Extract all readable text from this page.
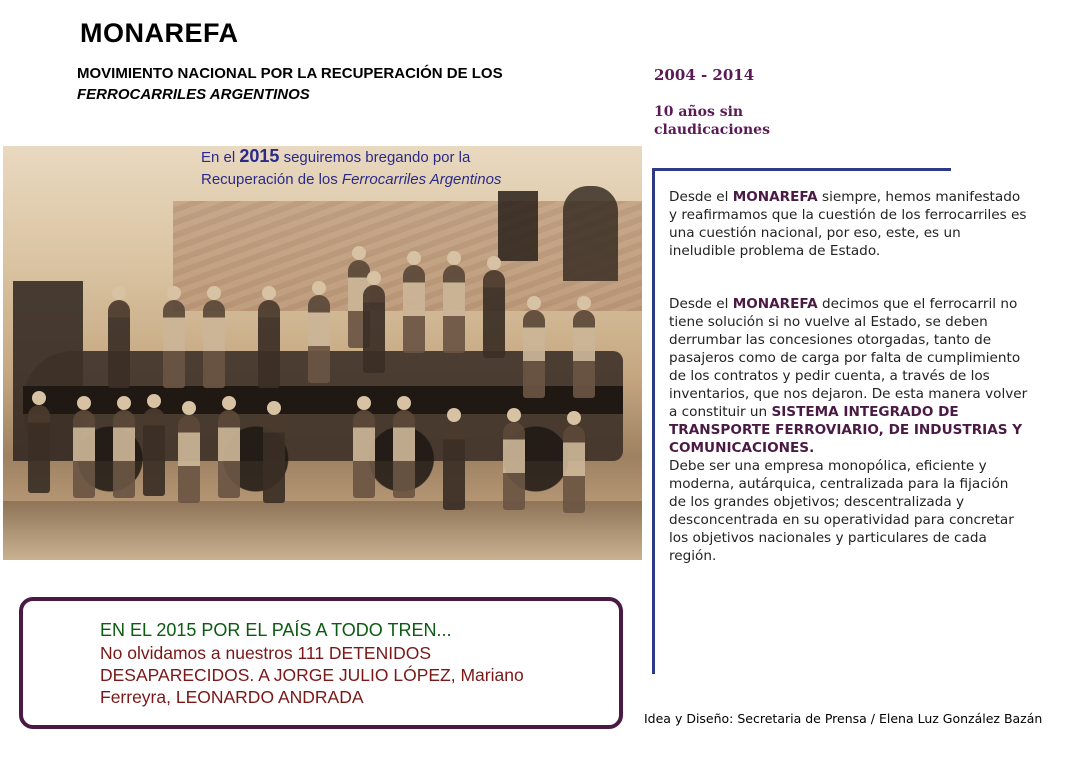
MONAREFA
MOVIMIENTO NACIONAL POR LA RECUPERACIÓN DE LOS
FERROCARRILES ARGENTINOS
2004 - 2014
10 años sin claudicaciones
En el 2015 seguiremos bregando por la Recuperación de los Ferrocarriles Argentinos
Desde el MONAREFA siempre, hemos manifestado y reafirmamos que la cuestión de los ferrocarriles es una cuestión nacional, por eso, este, es un ineludible problema de Estado.
Desde el MONAREFA decimos que el ferrocarril no tiene solución si no vuelve al Estado, se deben derrumbar las concesiones otorgadas, tanto de pasajeros como de carga por falta de cumplimiento de los contratos y pedir cuenta, a través de los inventarios, que nos dejaron. De esta manera volver a constituir un SISTEMA INTEGRADO DE TRANSPORTE FERROVIARIO, DE INDUSTRIAS Y COMUNICACIONES.
Debe ser una empresa monopólica, eficiente y moderna, autárquica, centralizada para la fijación de los grandes objetivos; descentralizada y desconcentrada en su operatividad para concretar los objetivos nacionales y particulares de cada región.
EN EL 2015 POR EL PAÍS A TODO TREN...
No olvidamos a nuestros 111 DETENIDOS DESAPARECIDOS. A JORGE JULIO LÓPEZ, Mariano Ferreyra, LEONARDO ANDRADA
Idea y Diseño: Secretaria de Prensa / Elena Luz González Bazán
